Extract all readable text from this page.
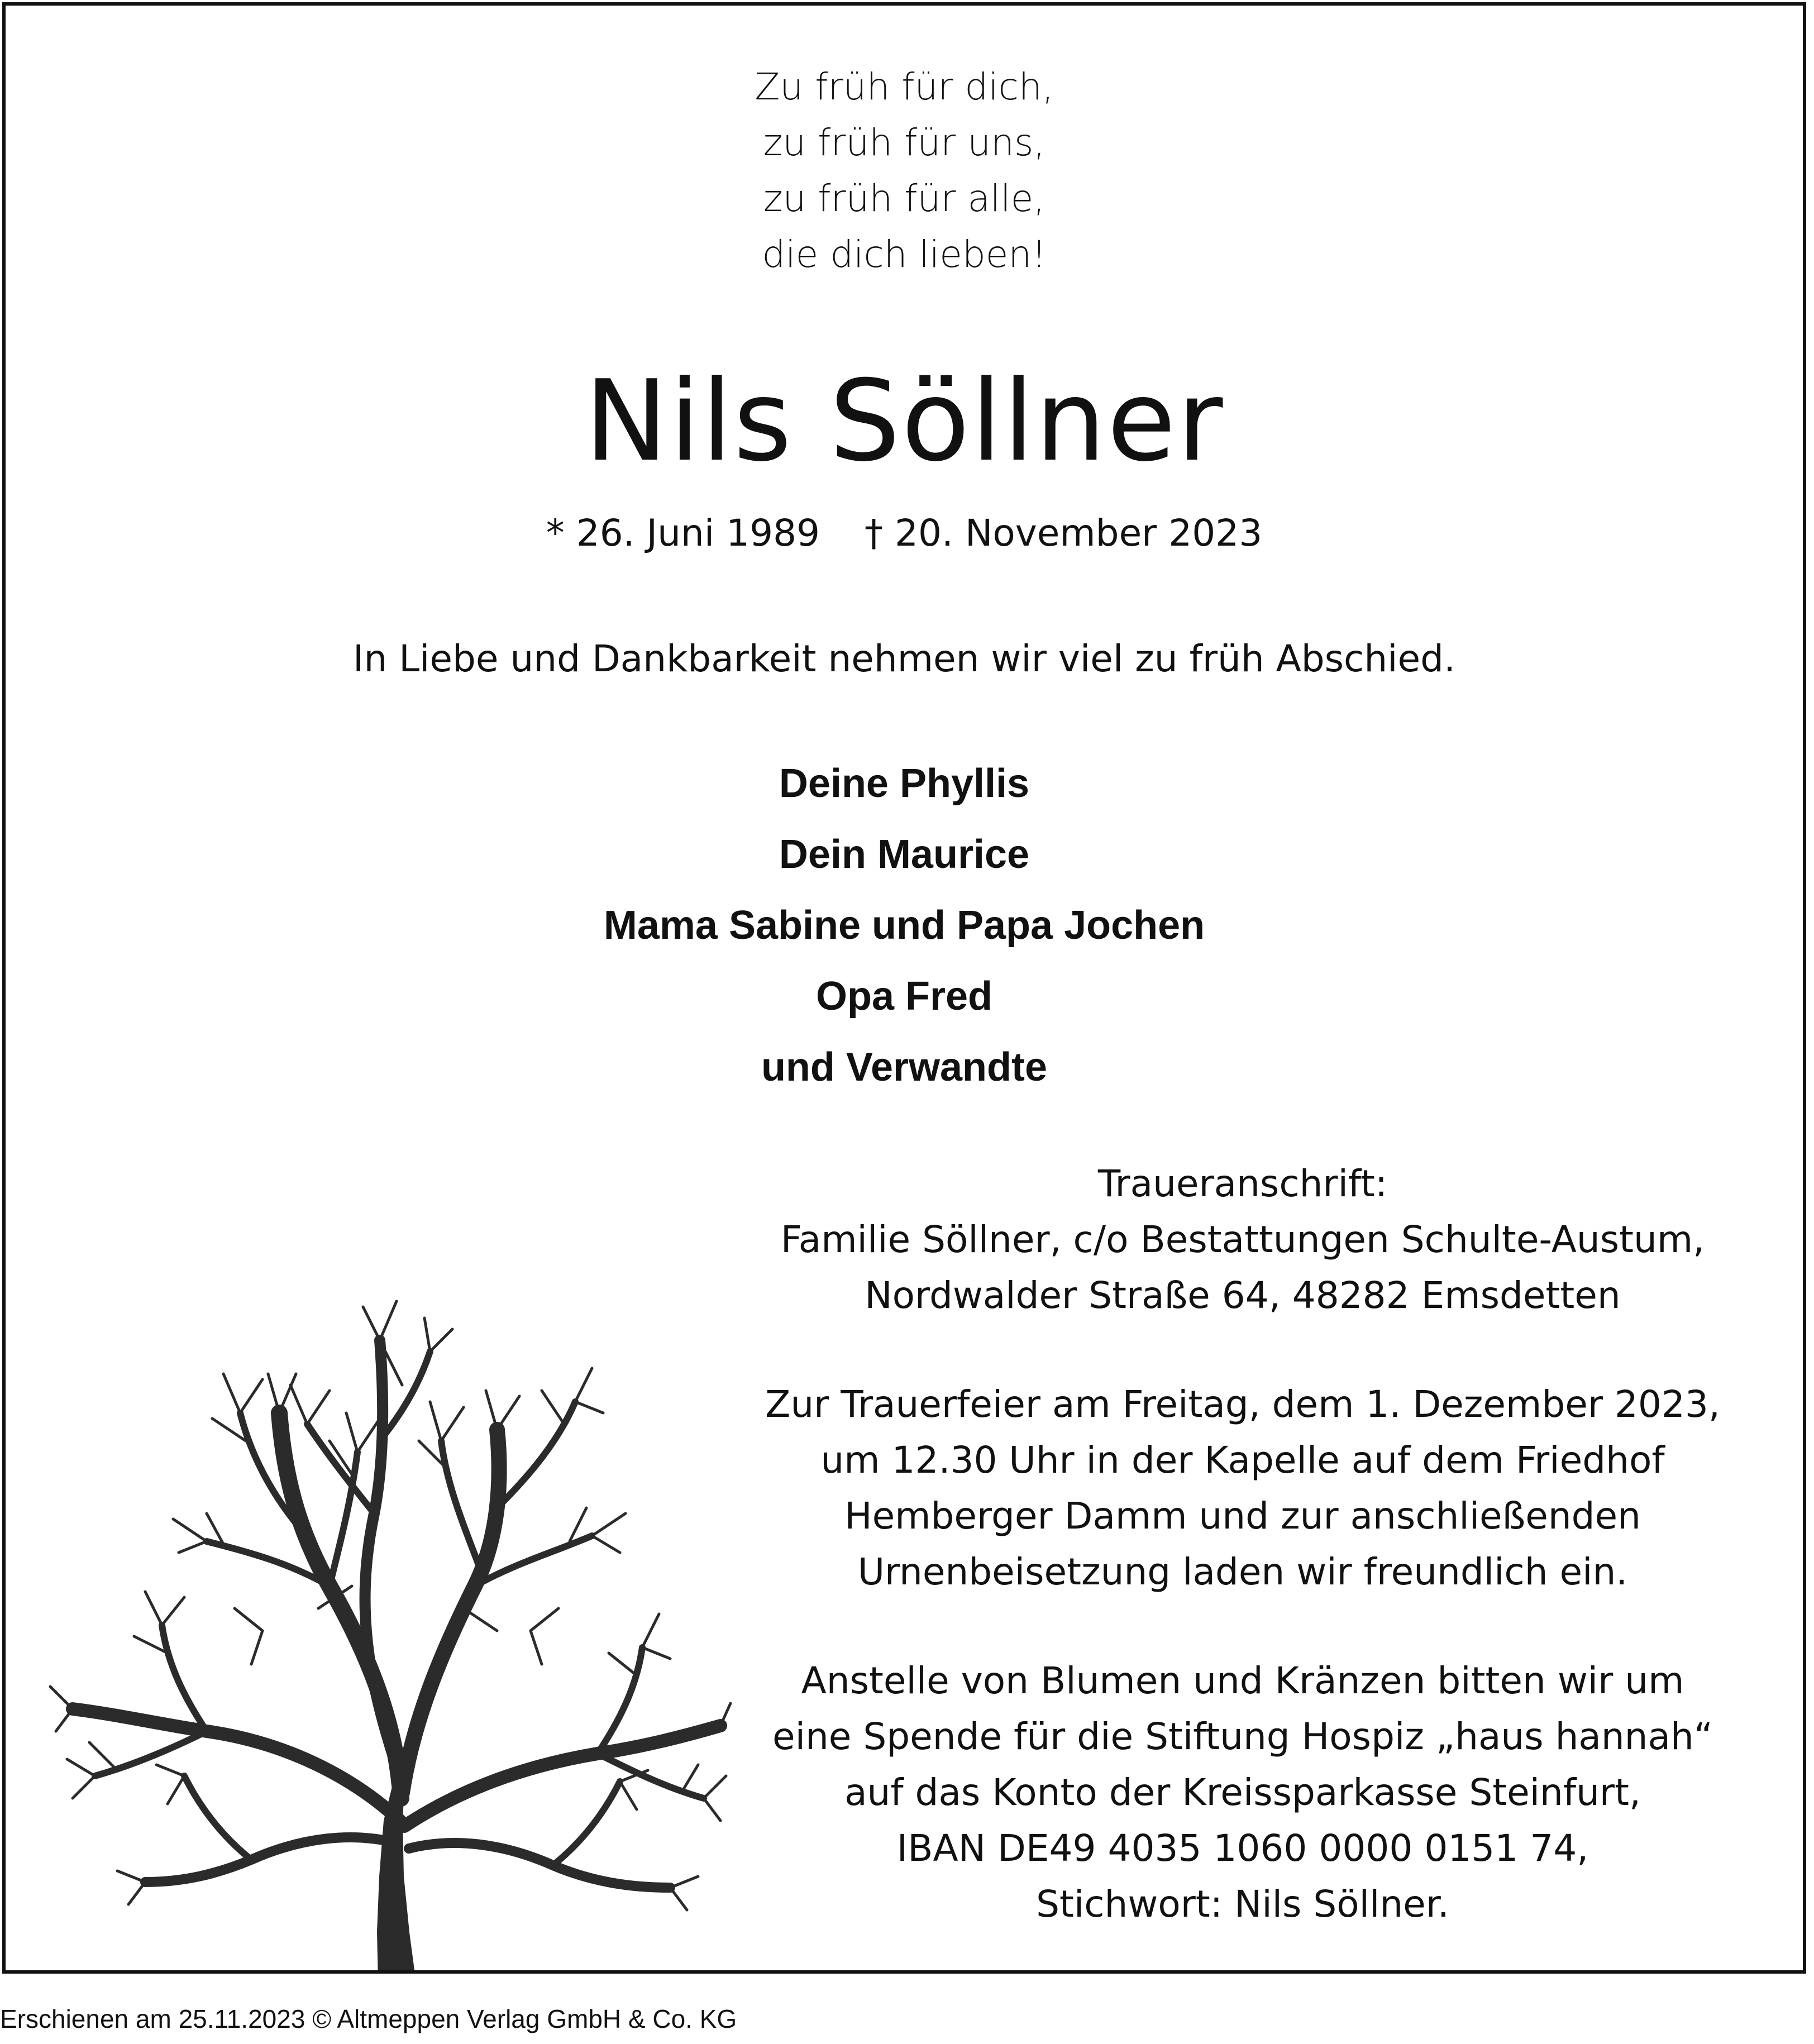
Zu früh für dich,
zu früh für uns,
zu früh für alle,
die dich lieben!
Nils Söllner
* 26. Juni 1989 † 20. November 2023
In Liebe und Dankbarkeit nehmen wir viel zu früh Abschied.
Deine Phyllis
Dein Maurice
Mama Sabine und Papa Jochen
Opa Fred
und Verwandte
Traueranschrift:
Familie Söllner, c/o Bestattungen Schulte-Austum,
Nordwalder Straße 64, 48282 Emsdetten
Zur Trauerfeier am Freitag, dem 1. Dezember 2023,
um 12.30 Uhr in der Kapelle auf dem Friedhof
Hemberger Damm und zur anschließenden
Urnenbeisetzung laden wir freundlich ein.
Anstelle von Blumen und Kränzen bitten wir um
eine Spende für die Stiftung Hospiz „haus hannah“
auf das Konto der Kreissparkasse Steinfurt,
IBAN DE49 4035 1060 0000 0151 74,
Stichwort: Nils Söllner.
Erschienen am 25.11.2023 © Altmeppen Verlag GmbH & Co. KG
